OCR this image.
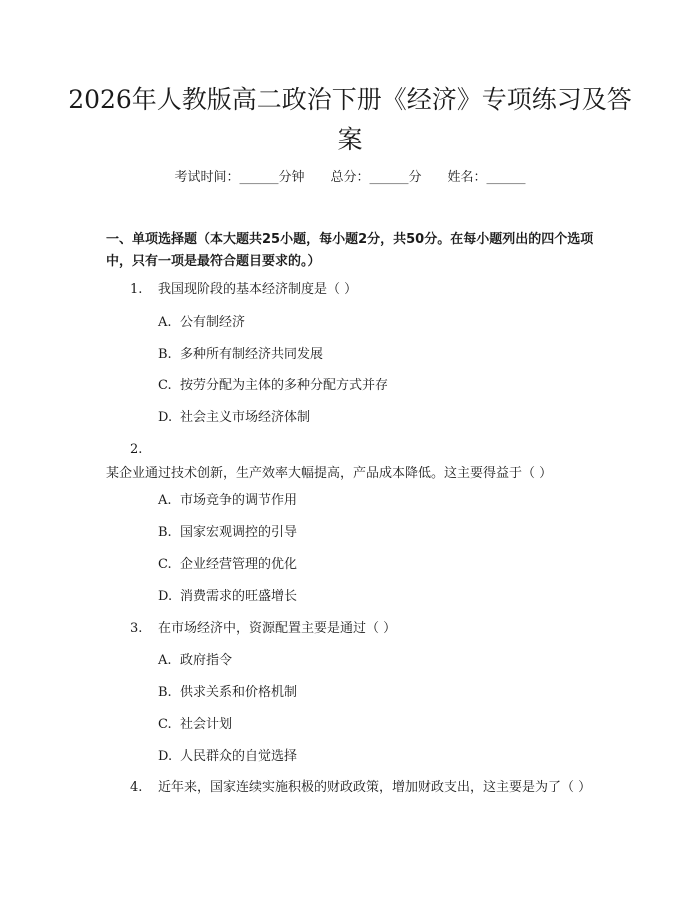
2026年人教版高二政治下册《经济》专项练习及答案
考试时间：______分钟 总分：______分 姓名：______

一、单项选择题（本大题共25小题，每小题2分，共50分。在每小题列出的四个选项中，只有一项是最符合题目要求的。）

1. 我国现阶段的基本经济制度是（ ）
A. 公有制经济
B. 多种所有制经济共同发展
C. 按劳分配为主体的多种分配方式并存
D. 社会主义市场经济体制
2.某企业通过技术创新，生产效率大幅提高，产品成本降低。这主要得益于（ ）
A. 市场竞争的调节作用
B. 国家宏观调控的引导
C. 企业经营管理的优化
D. 消费需求的旺盛增长
3. 在市场经济中，资源配置主要是通过（ ）
A. 政府指令
B. 供求关系和价格机制
C. 社会计划
D. 人民群众的自觉选择
4. 近年来，国家连续实施积极的财政政策，增加财政支出，这主要是为了（ ）
